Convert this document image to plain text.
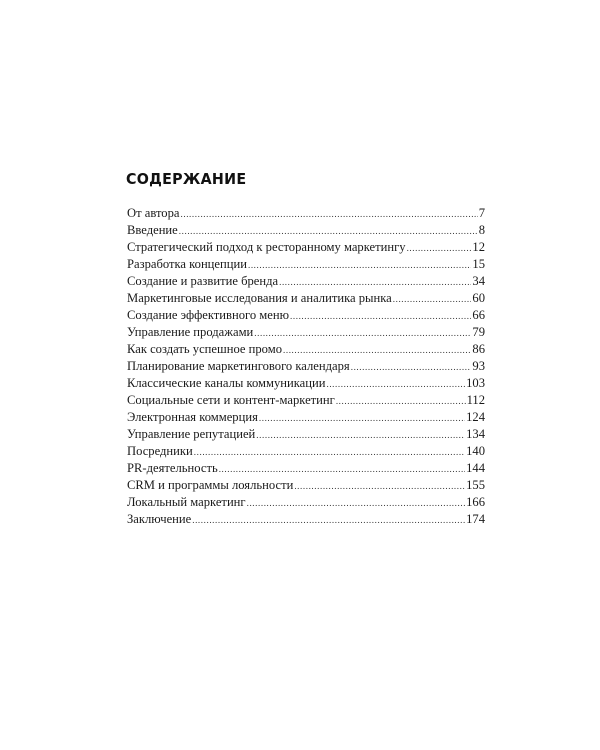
СОДЕРЖАНИЕ
От автора .....	7
Введение .....	8
Стратегический подход к ресторанному маркетингу .....	12
Разработка концепции .....	15
Создание и развитие бренда .....	34
Маркетинговые исследования и аналитика рынка .....	60
Создание эффективного меню .....	66
Управление продажами .....	79
Как создать успешное промо .....	86
Планирование маркетингового календаря .....	93
Классические каналы коммуникации .....	103
Социальные сети и контент-маркетинг .....	112
Электронная коммерция .....	124
Управление репутацией .....	134
Посредники .....	140
PR-деятельность .....	144
CRM и программы лояльности .....	155
Локальный маркетинг .....	166
Заключение .....	174
